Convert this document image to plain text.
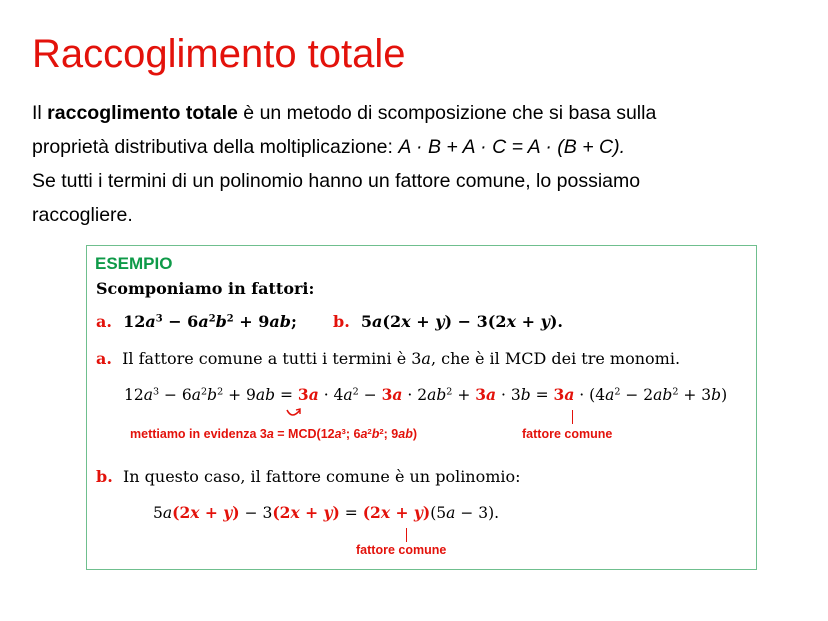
Raccoglimento totale

Il raccoglimento totale è un metodo di scomposizione che si basa sulla

proprietà distributiva della moltiplicazione: A · B + A · C = A · (B + C).

Se tutti i termini di un polinomio hanno un fattore comune, lo possiamo

raccogliere.

ESEMPIO
Scomponiamo in fattori:
a.  $12a^3 - 6a^2b^2 + 9ab$; b.  5a(2x + y) − 3(2x + y).
a.  Il fattore comune a tutti i termini è 3a, che è il MCD dei tre monomi.
$12a^3 - 6a^2b^2 + 9ab = 3a \cdot 4a^2 - 3a \cdot 2ab^2 + 3a \cdot 3b = 3a \cdot (4a^2 - 2ab^2 + 3b)$
mettiamo in evidenza $3a = MCD(12a^3$; $6a^2b^2$; 9ab)	fattore comune
b. In questo caso, il fattore comune è un polinomio:
5a(2x + y) − 3(2x + y) = (2x + y)(5a − 3).
fattore comune
